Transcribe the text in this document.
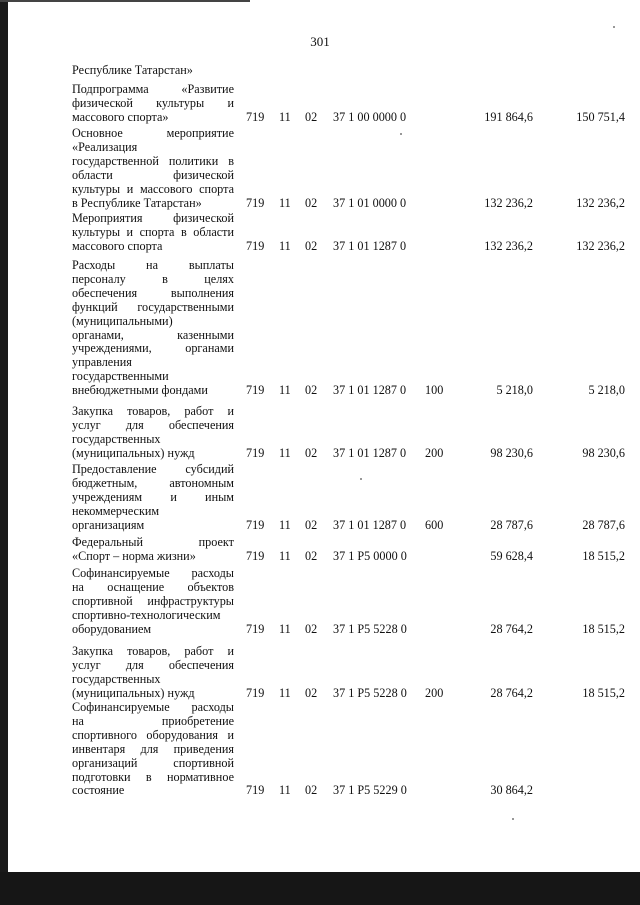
301
Республике Татарстан»
Подпрограмма «Развитие
физической культуры и
массового спорта»	719 11 02 37 1 00 0000 0	191 864,6	150 751,4
Основное мероприятие
«Реализация
государственной политики в
области физической
культуры и массового спорта
в Республике Татарстан»	719 11 02 37 1 01 0000 0	132 236,2	132 236,2
Мероприятия физической
культуры и спорта в области
массового спорта	719 11 02 37 1 01 1287 0	132 236,2	132 236,2
Расходы на выплаты
персоналу в целях
обеспечения выполнения
функций государственными
(муниципальными)
органами, казенными
учреждениями, органами
управления
государственными
внебюджетными фондами	719 11 02 37 1 01 1287 0 100	5 218,0	5 218,0
Закупка товаров, работ и
услуг для обеспечения
государственных
(муниципальных) нужд	719 11 02 37 1 01 1287 0 200	98 230,6	98 230,6
Предоставление субсидий
бюджетным, автономным
учреждениям и иным
некоммерческим
организациям	719 11 02 37 1 01 1287 0 600	28 787,6	28 787,6
Федеральный проект
«Спорт – норма жизни»	719 11 02 37 1 P5 0000 0	59 628,4	18 515,2
Софинансируемые расходы
на оснащение объектов
спортивной инфраструктуры
спортивно-технологическим
оборудованием	719 11 02 37 1 P5 5228 0	28 764,2	18 515,2
Закупка товаров, работ и
услуг для обеспечения
государственных
(муниципальных) нужд	719 11 02 37 1 P5 5228 0 200	28 764,2	18 515,2
Софинансируемые расходы
на приобретение
спортивного оборудования и
инвентаря для приведения
организаций спортивной
подготовки в нормативное
состояние	719 11 02 37 1 P5 5229 0	30 864,2
